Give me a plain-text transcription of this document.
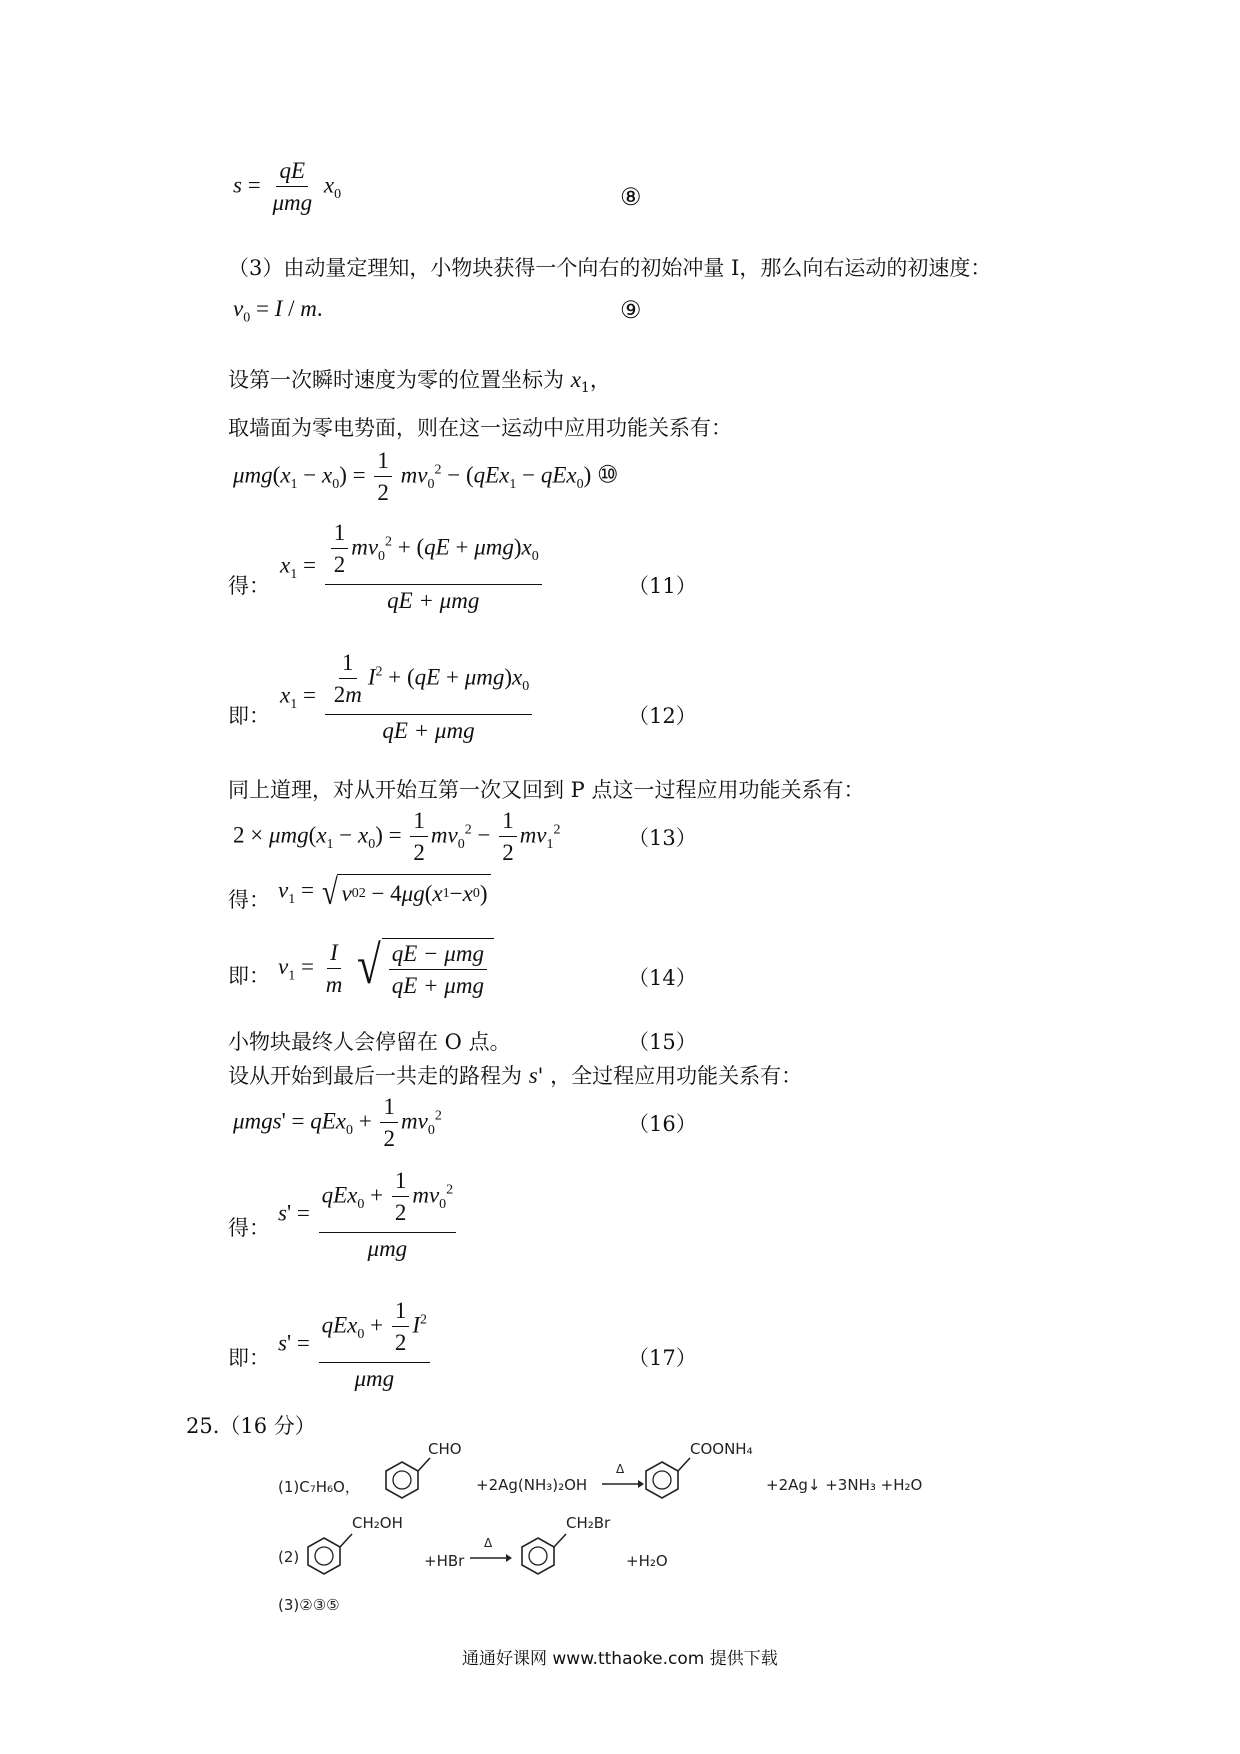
$s = \frac{qE}{\text{μmg}} x_0$	⑧
（3）由动量定理知，小物块获得一个向右的初始冲量 I，那么向右运动的初速度：
$v_0 = I / m$.	⑨
设第一次瞬时速度为零的位置坐标为 $x_1$，
取墙面为零电势面，则在这一运动中应用功能关系有：
$\mu mg(x_1 - x_0) = \frac{1}{2} mv_0^2 - (qEx_1 - qEx_0)$ ⑩
得：
$x_1 = \frac{\frac{1}{2} mv_0^2 + (qE + \mu mg)x_0}{\text{qE + μmg}}$	（11）
即：
$x_1 = \frac{\frac{1}{2m} I^2 + (qE + \mu mg)x_0}{\text{qE + μmg}}$	（12）
同上道理，对从开始互第一次又回到 P 点这一过程应用功能关系有：
$2 \times \mu mg(x_1 - x_0) = \frac{1}{2} mv_0^2 - \frac{1}{2} mv_1^2$	（13）
得： $v_1$ = √ v 0 2 − 4 μg ( x 1 − x 0 )
即： $v_1 = \frac{I}{m}$
√ $\frac{\text{qE − μmg}}{\text{qE + μmg}}$	（14）
小物块最终人会停留在 O 点。	（15）
设从开始到最后一共走的路程为 s' ，全过程应用功能关系有：
$\mu mgs' = qEx_0 + \frac{1}{2} mv_0^2$	（16）
得：
$s' = \frac{qEx_0 + \frac{1}{2} mv_0^2}{\text{μmg}}$
即：
$s' = \frac{qEx_0 + \frac{1}{2} I^2}{\text{μmg}}$	（17）
25.（16 分）
(1)C₇H₆O，
CHO
+2Ag(NH₃)₂OH
Δ
COONH₄
+2Ag↓ +3NH₃ +H₂O
(2)
CH₂OH
+HBr
Δ
CH₂Br
+H₂O
(3)②③⑤
通通好课网 www.tthaoke.com 提供下载
